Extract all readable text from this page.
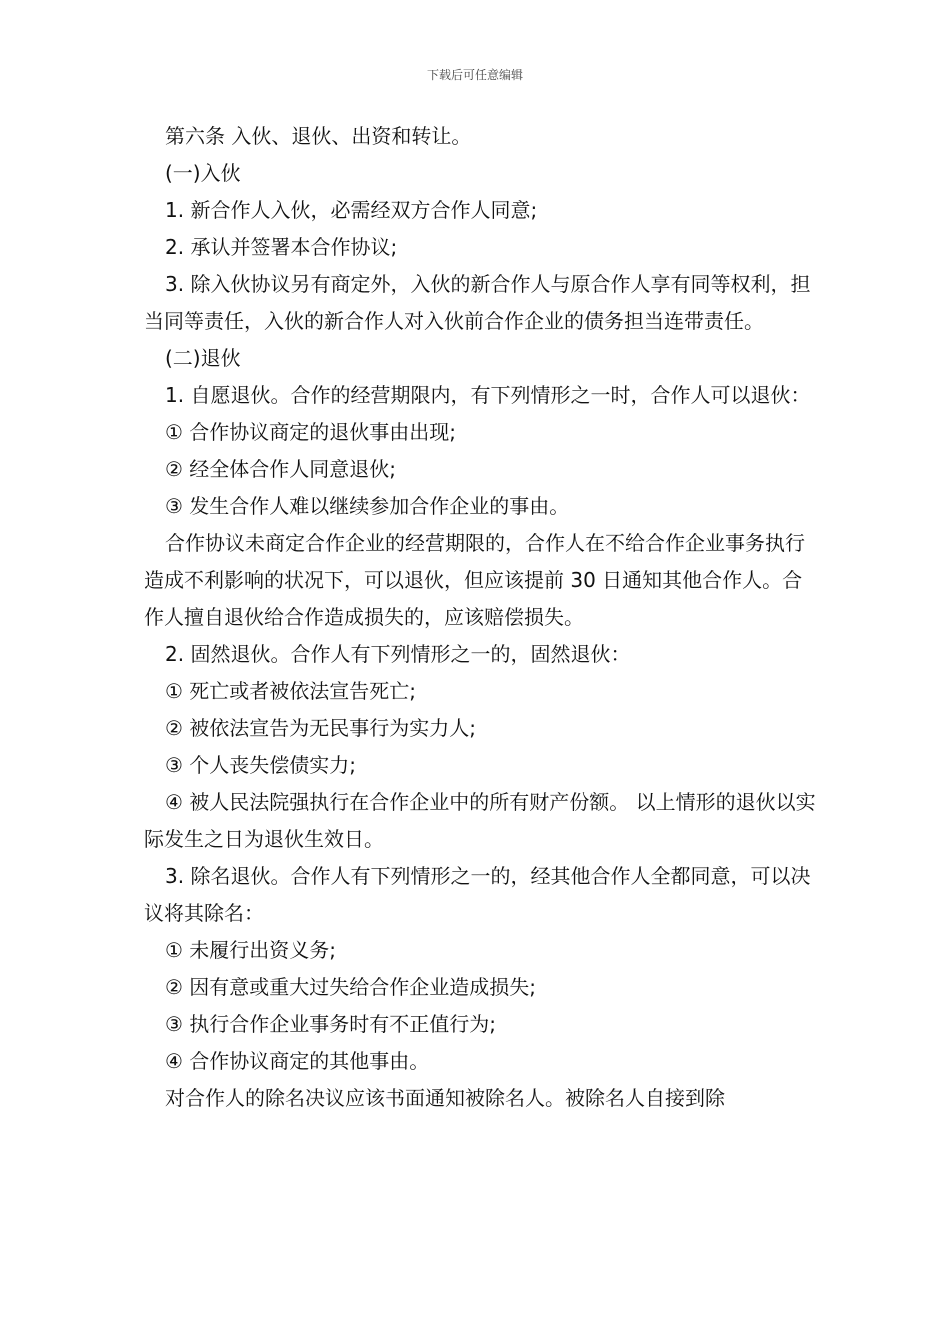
下载后可任意编辑

第六条 入伙、退伙、出资和转让。

(一)入伙

1. 新合作人入伙，必需经双方合作人同意;

2. 承认并签署本合作协议;

3. 除入伙协议另有商定外，入伙的新合作人与原合作人享有同等权利，担当同等责任，入伙的新合作人对入伙前合作企业的债务担当连带责任。

(二)退伙

1. 自愿退伙。合作的经营期限内，有下列情形之一时，合作人可以退伙：

① 合作协议商定的退伙事由出现;

② 经全体合作人同意退伙;

③ 发生合作人难以继续参加合作企业的事由。

合作协议未商定合作企业的经营期限的，合作人在不给合作企业事务执行造成不利影响的状况下，可以退伙，但应该提前 30 日通知其他合作人。合作人擅自退伙给合作造成损失的，应该赔偿损失。

2. 固然退伙。合作人有下列情形之一的，固然退伙：

① 死亡或者被依法宣告死亡;

② 被依法宣告为无民事行为实力人;

③ 个人丧失偿债实力;

④ 被人民法院强执行在合作企业中的所有财产份额。 以上情形的退伙以实际发生之日为退伙生效日。

3. 除名退伙。合作人有下列情形之一的，经其他合作人全都同意，可以决议将其除名：

① 未履行出资义务;

② 因有意或重大过失给合作企业造成损失;

③ 执行合作企业事务时有不正值行为;

④ 合作协议商定的其他事由。

对合作人的除名决议应该书面通知被除名人。被除名人自接到除
